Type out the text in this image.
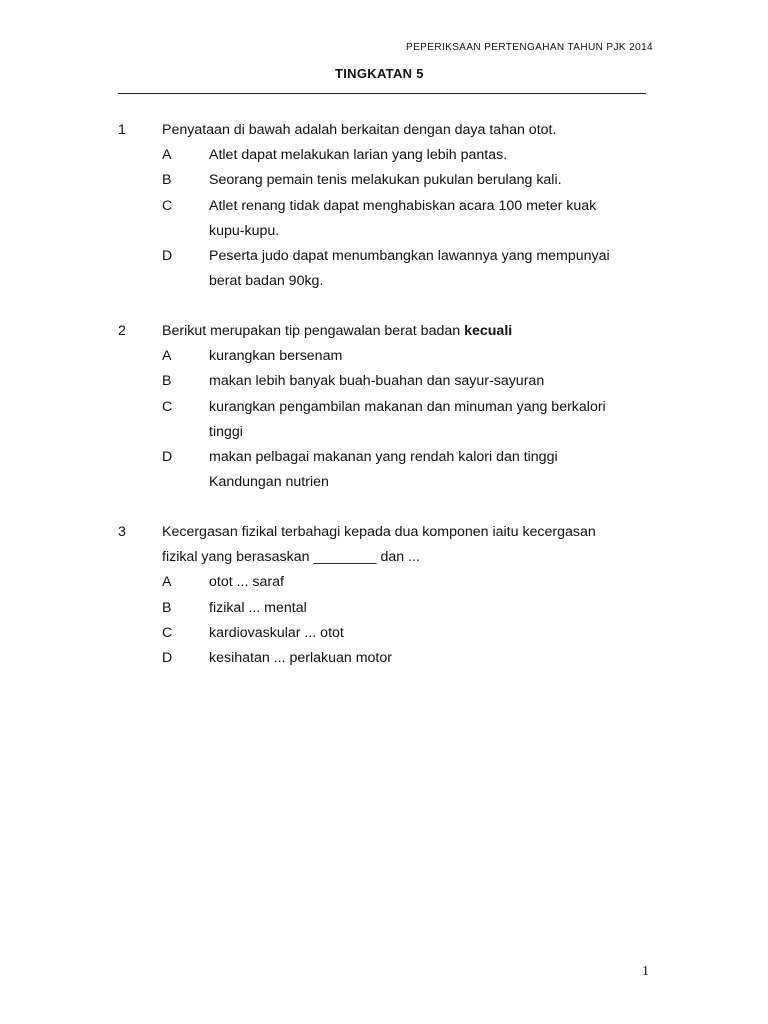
PEPERIKSAAN PERTENGAHAN TAHUN PJK 2014
TINGKATAN 5
1	Penyataan di bawah adalah berkaitan dengan daya tahan otot.
A	Atlet dapat melakukan larian yang lebih pantas.
B	Seorang pemain tenis melakukan pukulan berulang kali.
C	Atlet renang tidak dapat menghabiskan acara 100 meter kuak
kupu-kupu.
D	Peserta judo dapat menumbangkan lawannya yang mempunyai
berat badan 90kg.
2	Berikut merupakan tip pengawalan berat badan kecuali
A	kurangkan bersenam
B	makan lebih banyak buah-buahan dan sayur-sayuran
C	kurangkan pengambilan makanan dan minuman yang berkalori
tinggi
D	makan pelbagai makanan yang rendah kalori dan tinggi
Kandungan nutrien
3	Kecergasan fizikal terbahagi kepada dua komponen iaitu kecergasan
fizikal yang berasaskan ________ dan ...
A	otot ... saraf
B	fizikal ... mental
C	kardiovaskular ... otot
D	kesihatan ... perlakuan motor
1
